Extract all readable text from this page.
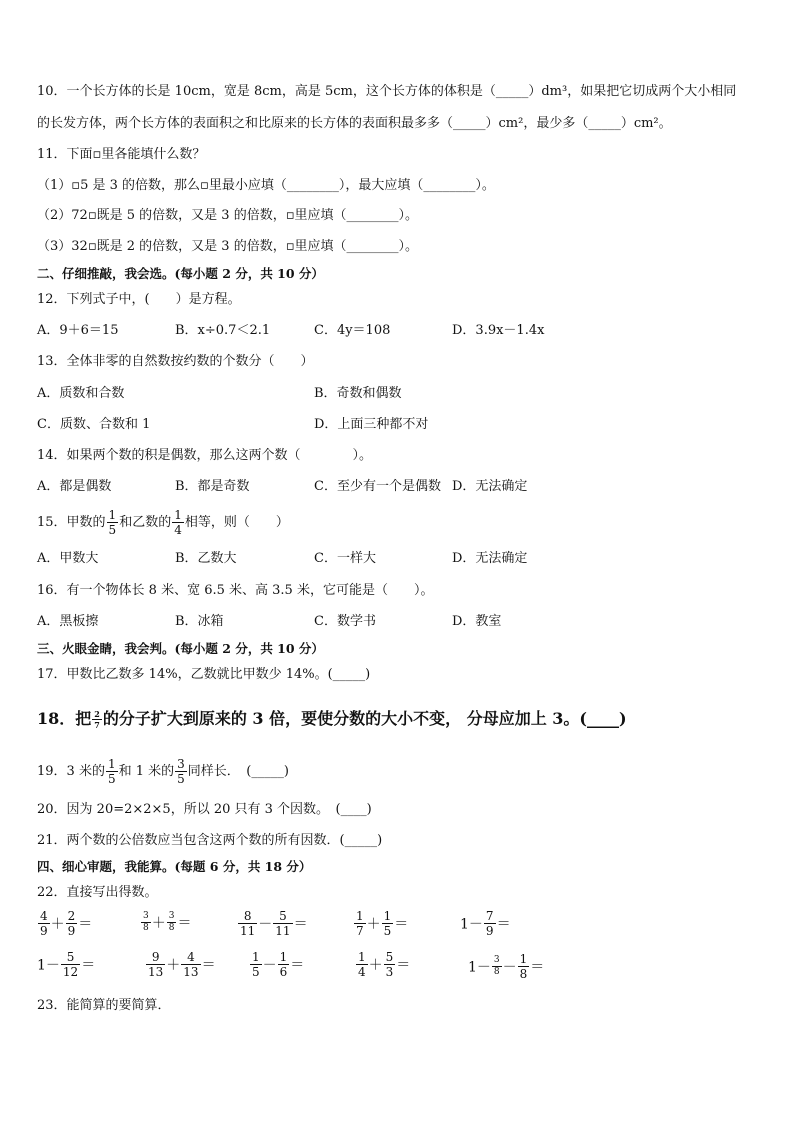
10．一个长方体的长是 10cm，宽是 8cm，高是 5cm，这个长方体的体积是（_____）dm³，如果把它切成两个大小相同
的长发方体，两个长方体的表面积之和比原来的长方体的表面积最多多（_____）cm²，最少多（_____）cm²。
11．下面▫里各能填什么数？
（1）▫5 是 3 的倍数，那么▫里最小应填（________），最大应填（________）。
（2）72▫既是 5 的倍数，又是 3 的倍数，▫里应填（________）。
（3）32▫既是 2 的倍数，又是 3 的倍数，▫里应填（________）。
二、仔细推敲，我会选。(每小题 2 分，共 10 分）
12．下列式子中，(　　）是方程。
A．9＋6＝15	B．x÷0.7＜2.1	C．4y＝108	D．3.9x－1.4x
13．全体非零的自然数按约数的个数分（　　）
A．质数和合数	B．奇数和偶数
C．质数、合数和 1	D．上面三种都不对
14．如果两个数的积是偶数，那么这两个数（　　　　）。
A．都是偶数	B．都是奇数	C．至少有一个是偶数 D．无法确定
15．甲数的 $\frac{1}{5}$ 和乙数的 $\frac{1}{4}$ 相等，则（　　）
A．甲数大	B．乙数大	C．一样大	D．无法确定
16．有一个物体长 8 米、宽 6.5 米、高 3.5 米，它可能是（　　）。
A．黑板擦	B．冰箱	C．数学书	D．教室
三、火眼金睛，我会判。(每小题 2 分，共 10 分）
17．甲数比乙数多 14%，乙数就比甲数少 14%。(_____)
18．把 $\frac{2}{7}$ 的分子扩大到原来的 3 倍，要使分数的大小不变， 分母应加上 3。(____)
19．3 米的 $\frac{1}{5}$ 和 1 米的 $\frac{3}{5}$ 同样长．　(_____)
20．因为 20=2×2×5，所以 20 只有 3 个因数。　(____)
21．两个数的公倍数应当包含这两个数的所有因数．(_____)
四、细心审题，我能算。(每题 6 分，共 18 分）
22．直接写出得数。
$\frac{4}{9} + \frac{2}{9}$ ＝	$\frac{3}{8} + \frac{3}{8}$ ＝	$\frac{8}{11} - \frac{5}{11}$ ＝	$\frac{1}{7} + \frac{1}{5}$ ＝	$1- \frac{7}{9}$ ＝
$1- \frac{5}{12}$ ＝	$\frac{9}{13} + \frac{4}{13}$ ＝	$\frac{1}{5} - \frac{1}{6}$ ＝	$\frac{1}{4} + \frac{5}{3}$ ＝	$1- \frac{3}{8} - \frac{1}{8}$ ＝
23．能简算的要简算．
